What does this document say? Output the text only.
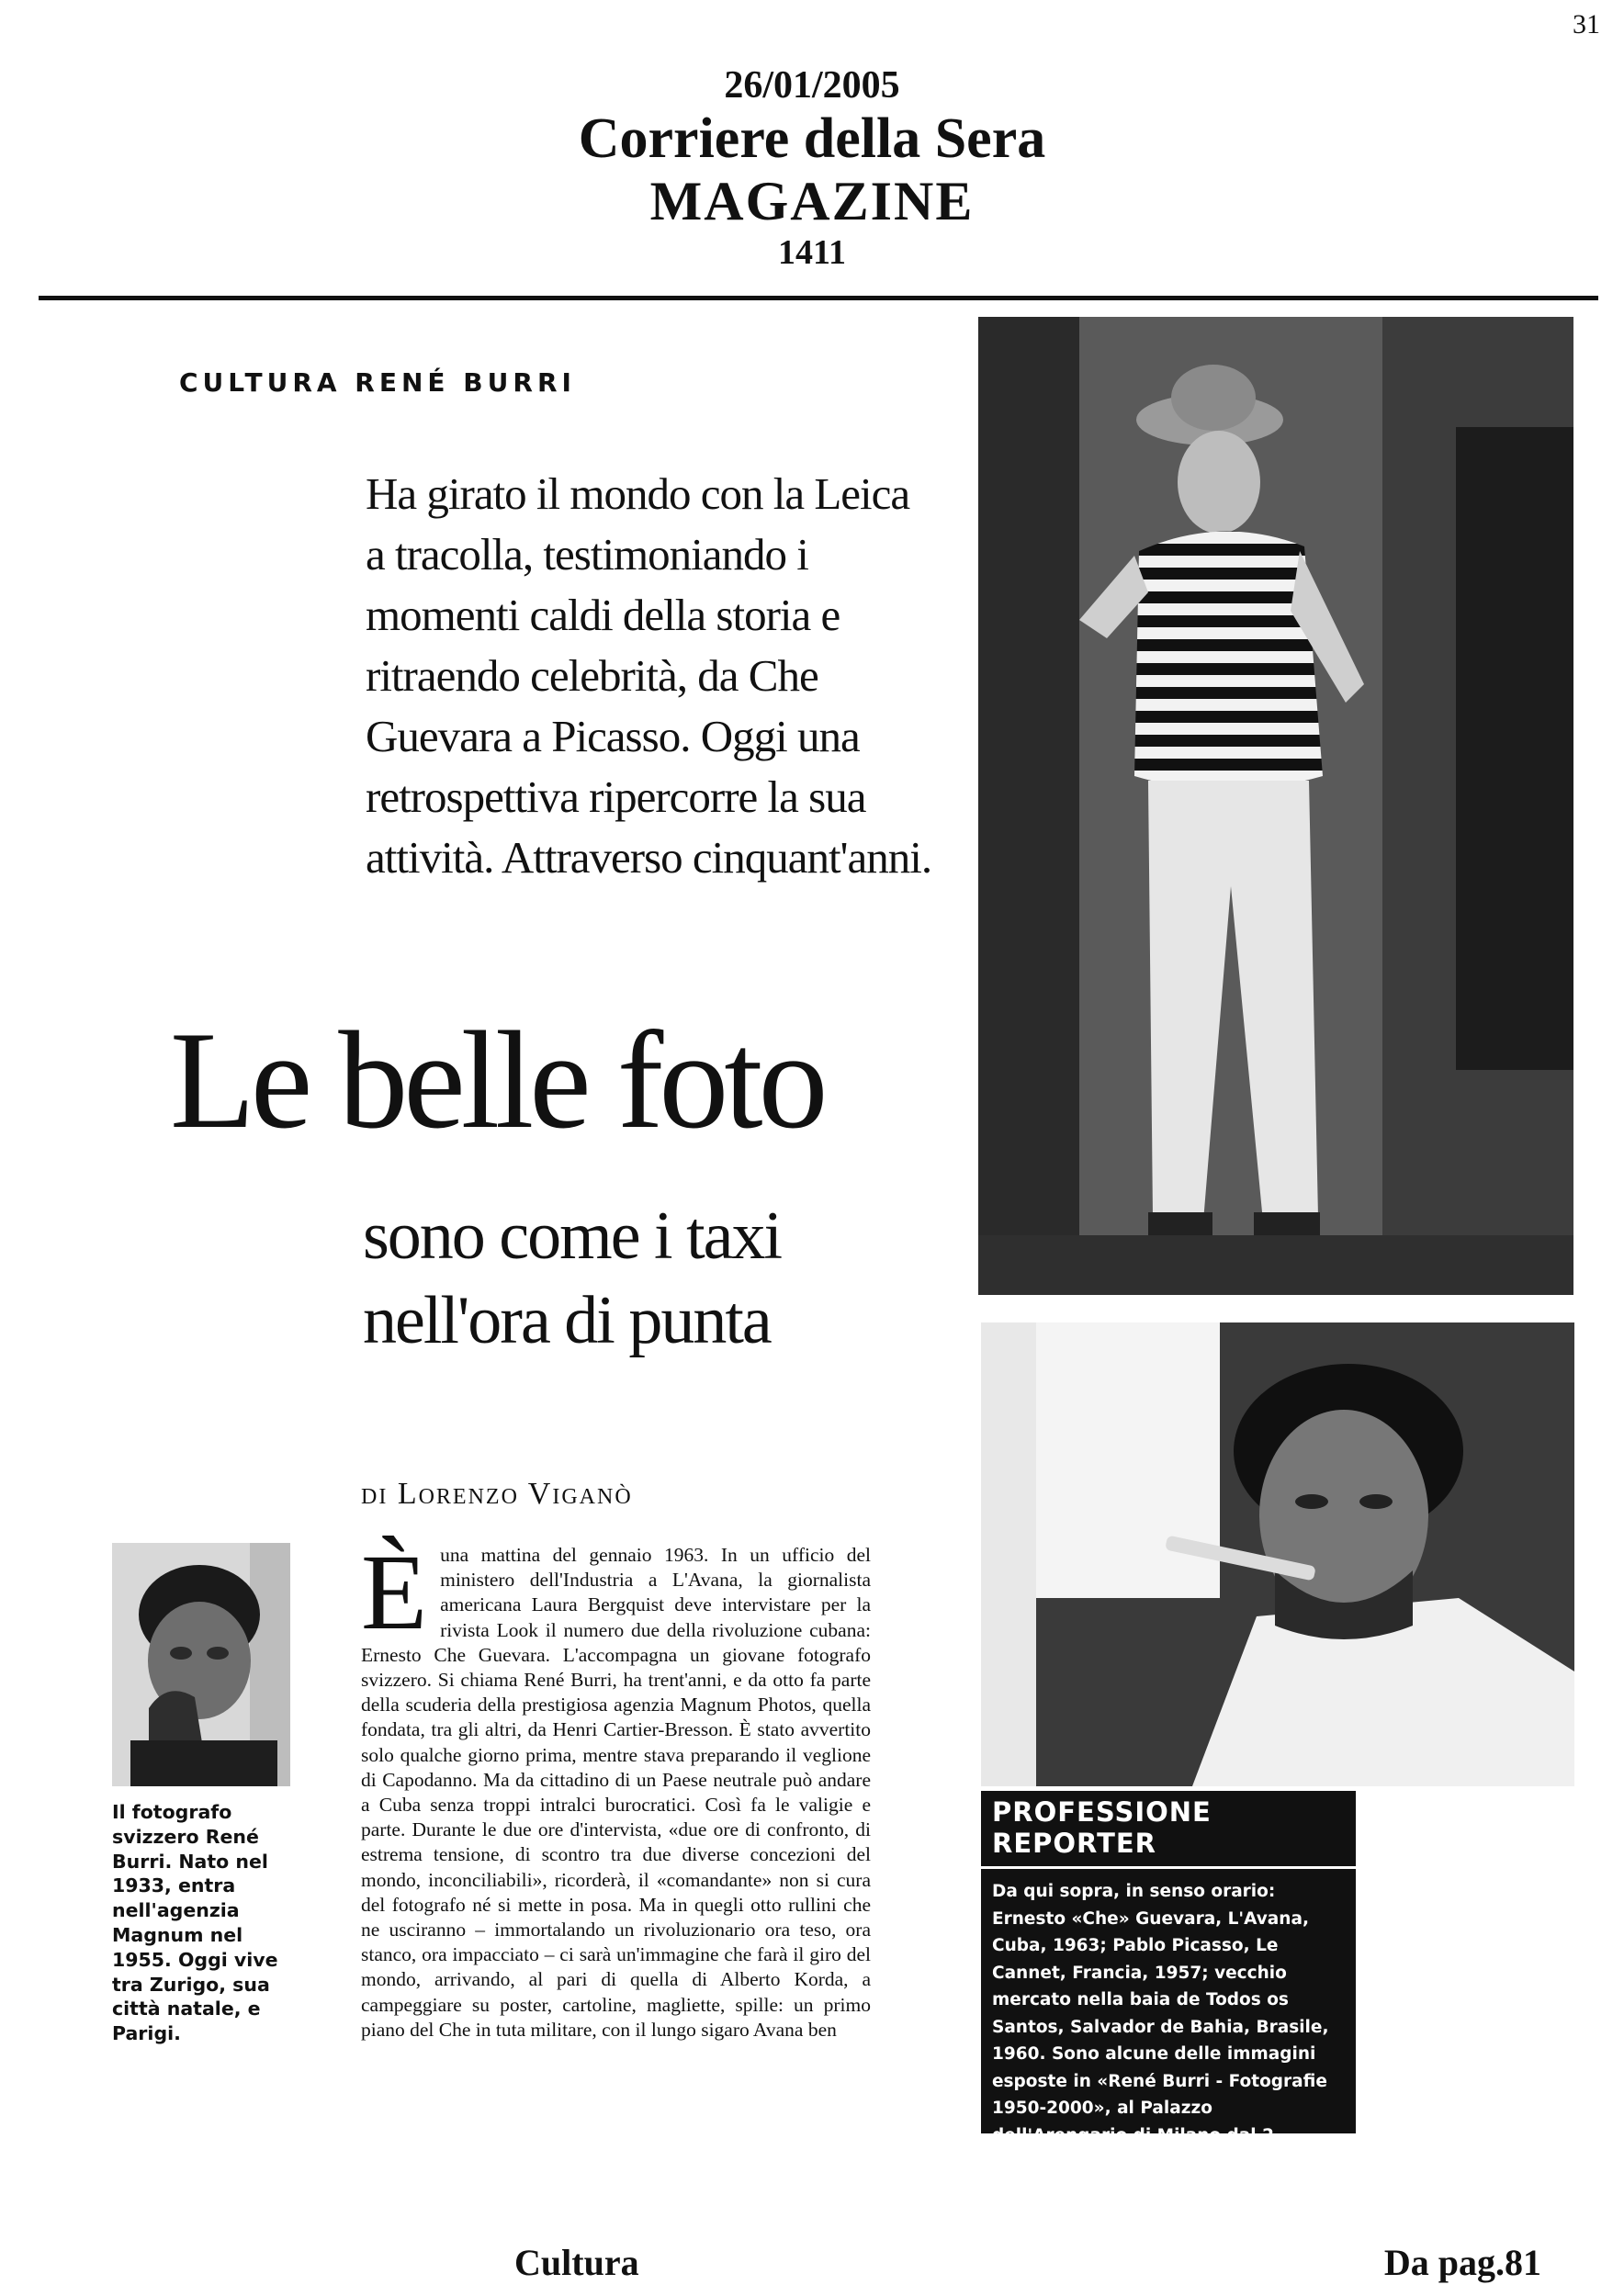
31
26/01/2005
Corriere della Sera
MAGAZINE
1411
CULTURA RENÉ BURRI
Ha girato il mondo con la Leica a tracolla, testimoniando i momenti caldi della storia e ritraendo celebrità, da Che Guevara a Picasso. Oggi una retrospettiva ripercorre la sua attività. Attraverso cinquant'anni.
Le belle foto
sono come i taxi nell'ora di punta
di Lorenzo Viganò
È una mattina del gennaio 1963. In un ufficio del ministero dell'Industria a L'Avana, la giornalista americana Laura Bergquist deve intervistare per la rivista Look il numero due della rivoluzione cubana: Ernesto Che Guevara. L'accompagna un giovane fotografo svizzero. Si chiama René Burri, ha trent'anni, e da otto fa parte della scuderia della prestigiosa agenzia Magnum Photos, quella fondata, tra gli altri, da Henri Cartier-Bresson. È stato avvertito solo qualche giorno prima, mentre stava preparando il veglione di Capodanno. Ma da cittadino di un Paese neutrale può andare a Cuba senza troppi intralci burocratici. Così fa le valigie e parte. Durante le due ore d'intervista, «due ore di confronto, di estrema tensione, di scontro tra due diverse concezioni del mondo, inconciliabili», ricorderà, il «comandante» non si cura del fotografo né si mette in posa. Ma in quegli otto rullini che ne usciranno – immortalando un rivoluzionario ora teso, ora stanco, ora impacciato – ci sarà un'immagine che farà il giro del mondo, arrivando, al pari di quella di Alberto Korda, a campeggiare su poster, cartoline, magliette, spille: un primo piano del Che in tuta militare, con il lungo sigaro Avana ben
Il fotografo svizzero René Burri. Nato nel 1933, entra nell'agenzia Magnum nel 1955. Oggi vive tra Zurigo, sua città natale, e Parigi.
PROFESSIONE REPORTER
Da qui sopra, in senso orario: Ernesto «Che» Guevara, L'Avana, Cuba, 1963; Pablo Picasso, Le Cannet, Francia, 1957; vecchio mercato nella baia de Todos os Santos, Salvador de Bahia, Brasile, 1960. Sono alcune delle immagini esposte in «René Burri - Fotografie 1950-2000», al Palazzo dell'Arengario di Milano dal 2 febbraio al 3 aprile.
Cultura	Da pag.81
